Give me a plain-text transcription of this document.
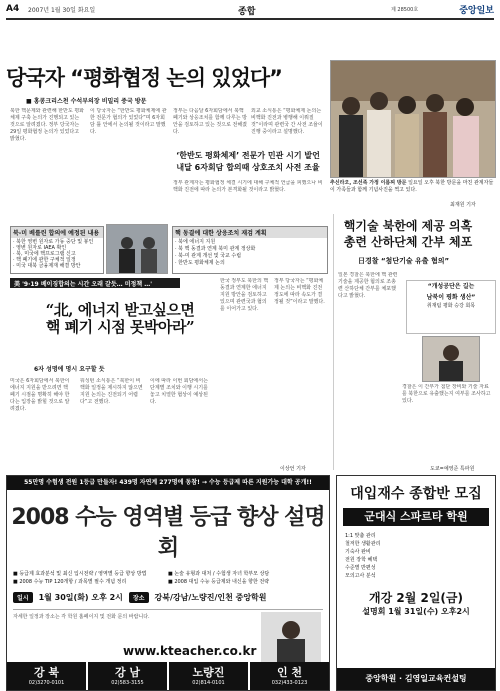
A4 2007년 1월 30일 화요일	종합	제 28500호	중앙일보
당국자 “평화협정 논의 있었다”
■ 홍콩크리스천 수석부의장 비밀리 중국 방문
북한 핵문제와 관련해 한반도 평화체제 구축 논의가 진행되고 있는 것으로 알려졌다. 정부 당국자는 29일 평화협정 논의가 있었다고 밝혔다.
이 당국자는 “한반도 평화체제에 관한 전문가 협의가 있었다”며 6자회담 틀 안에서 논의될 것이라고 말했다.
정부는 다음달 6자회담에서 북핵 폐기와 상응조치를 함께 다루는 방안을 검토하고 있는 것으로 전해졌다.
외교 소식통은 “평화체제 논의는 비핵화 진전과 병행해 이뤄질 것”이라며 관련국 간 사전 조율이 진행 중이라고 설명했다.
‘한반도 평화체제’ 전문가 민관 시기 발언
내달 6자회담 합의때 상호조치 사전 조율
정부 관계자는 평화협정 체결 시기에 대해 구체적 언급을 피했으나 비핵화 진전에 따라 논의가 본격화될 것이라고 밝혔다.
추신라오, 조선족 가정 이름찌 방문 일요일 오후 북한 방문을 마친 관계자들이 가족들과 함께 기념사진을 찍고 있다.
최재원 기자
북-미 베를린 합의에 예정된 내용
· 북한 영변 원자로 가동 중단 및 봉인
· 영변 원자로 IAEA 확인
· 북, 미국에 핵프로그램 신고
· 핵 폐기에 관한 구체적 일정
· 미국 대북 금융제재 해결 방안
핵 동결에 대한 상응조치 재검 계획
· 북에 에너지 지원
· 북 핵 동결과 연계 북미 관계 정상화
· 북-미 관계 개선 및 국교 수립
· 한반도 평화체제 논의
美 '9·19 베이징합의는 시간 오래 갈듯… 미정책 …'
“北, 에너지 받고싶으면
핵 폐기 시점 못박아라”
6자 성명에 명시 요구할 듯
미국은 6자회담에서 북한이 에너지 지원을 받으려면 핵 폐기 시점을 명확히 해야 한다는 입장을 밝힐 것으로 알려졌다.
워싱턴 소식통은 “북한이 비핵화 일정을 제시하지 않으면 지원 논의는 진전되기 어렵다”고 전했다.
이에 따라 이번 회담에서는 단계별 조치와 이행 시기를 놓고 치열한 협상이 예상된다.
한국 정부도 북한의 핵 동결과 연계한 에너지 지원 방안을 검토하고 있으며 관련국과 협의를 이어가고 있다.
정부 당국자는 “평화체제 논의는 비핵화 진전 정도에 따라 속도가 결정될 것”이라고 말했다.
이상언 기자
핵기술 북한에 제공 의혹 총련 산하단체 간부 체포
日경찰 “첨단기술 유출 혐의”
“개성공단은 길는
남북이 평화 생산”
취재팀 평화 승강 회목
일본 경찰은 북한에 핵 관련 기술을 제공한 혐의로 조총련 산하단체 간부를 체포했다고 밝혔다.
경찰은 이 간부가 첨단 장비와 기술 자료를 북한으로 유출했는지 여부를 조사하고 있다.
도쿄=예영준 특파원
55만명 수험생 전원 1등급 만들자! 439명 자연계 277명에 동참! → 수능 등급제 따른 지원가능 대학 공개!!
2008 수능 영역별 등급 향상 설명회
■ 등급제 효과분석 및 최신 입시전략 / 영역별 등급 향상 방법	■ 논술 유형과 대처 / 수험생 자녀 학부모 상담
■ 2008 수능 TIP 120개항 / 과목별 필수 개념 정리	■ 2008 대입 수능 등급제와 내신을 향한 전략
일시	1월 30일(화) 오후 2시	장소	강북/강남/노량진/인천 중앙학원
자세한 일정과 장소는 각 학원 홈페이지 및 전화 문의 바랍니다.
www.kteacher.co.kr
강 북
02)3270-0101
강 남
02)583-3155
노량진
02)814-0101
인 천
032)433-0123
대입재수 종합반 모집
군대식 스파르타 학원
1:1 맞춤 관리
철저한 생활관리
기숙사 완비
전원 장학 혜택
수준별 반편성
모의고사 분석
개강 2월 2일(금)
설명회 1월 31일(수) 오후2시
중앙학원 · 김영일교육컨설팅
